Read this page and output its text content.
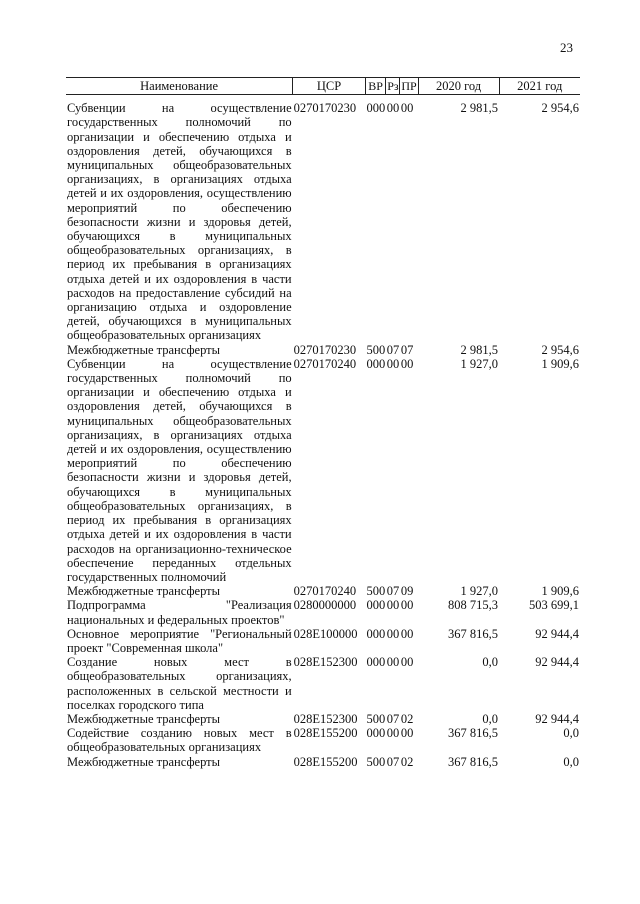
23
Наименование	ЦСР	ВР	Рз	ПР	2020 год	2021 год

Субвенции на осуществление государственных полномочий по организации и обеспечению отдыха и оздоровления детей, обучающихся в муниципальных общеобразовательных организациях, в организациях отдыха детей и их оздоровления, осуществлению мероприятий по обеспечению безопасности жизни и здоровья детей, обучающихся в муниципальных общеобразовательных организациях, в период их пребывания в организациях отдыха детей и их оздоровления в части расходов на предоставление субсидий на организацию отдыха и оздоровление детей, обучающихся в муниципальных общеобразовательных организациях	0270170230	000	00	00	2 981,5	2 954,6
Межбюджетные трансферты	0270170230	500	07	07	2 981,5	2 954,6
Субвенции на осуществление государственных полномочий по организации и обеспечению отдыха и оздоровления детей, обучающихся в муниципальных общеобразовательных организациях, в организациях отдыха детей и их оздоровления, осуществлению мероприятий по обеспечению безопасности жизни и здоровья детей, обучающихся в муниципальных общеобразовательных организациях, в период их пребывания в организациях отдыха детей и их оздоровления в части расходов на организационно-техническое обеспечение переданных отдельных государственных полномочий	0270170240	000	00	00	1 927,0	1 909,6
Межбюджетные трансферты	0270170240	500	07	09	1 927,0	1 909,6
Подпрограмма "Реализация национальных и федеральных проектов"	0280000000	000	00	00	808 715,3	503 699,1
Основное мероприятие "Региональный проект "Современная школа"	028E100000	000	00	00	367 816,5	92 944,4
Создание новых мест в общеобразовательных организациях, расположенных в сельской местности и поселках городского типа	028E152300	000	00	00	0,0	92 944,4
Межбюджетные трансферты	028E152300	500	07	02	0,0	92 944,4
Содействие созданию новых мест в общеобразовательных организациях	028E155200	000	00	00	367 816,5	0,0
Межбюджетные трансферты	028E155200	500	07	02	367 816,5	0,0
